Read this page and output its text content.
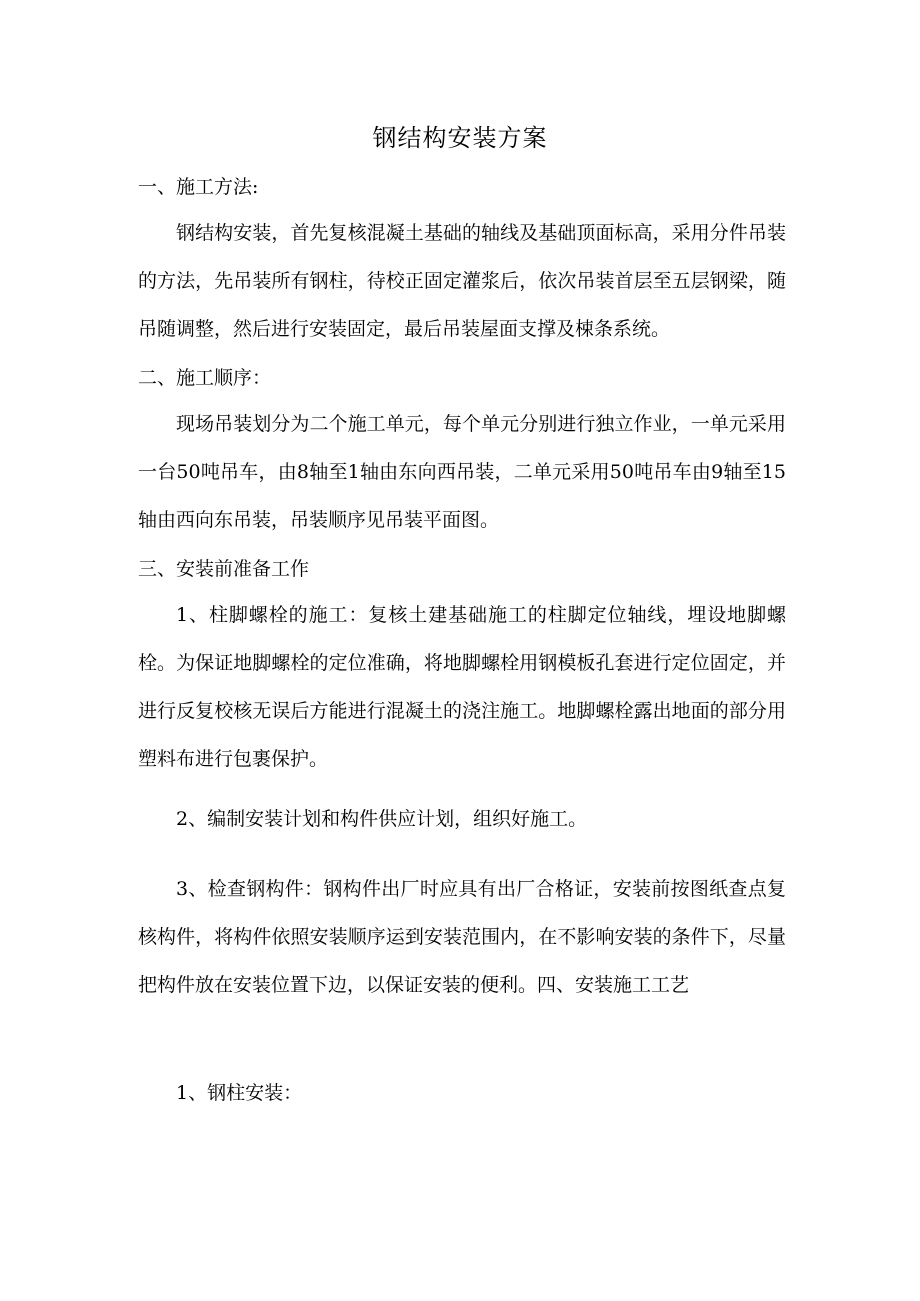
钢结构安装方案
一、施工方法:
钢结构安装，首先复核混凝土基础的轴线及基础顶面标高，采用分件吊装的方法，先吊装所有钢柱，待校正固定灌浆后，依次吊装首层至五层钢梁，随吊随调整，然后进行安装固定，最后吊装屋面支撑及梀条系统。
二、施工顺序：
现场吊装划分为二个施工单元，每个单元分别进行独立作业，一单元采用一台50吨吊车，由8轴至1轴由东向西吊装，二单元采用50吨吊车由9轴至15轴由西向东吊装，吊装顺序见吊装平面图。
三、安装前准备工作
1、柱脚螺栓的施工：复核土建基础施工的柱脚定位轴线，埋设地脚螺栓。为保证地脚螺栓的定位准确，将地脚螺栓用钢模板孔套进行定位固定，并进行反复校核无误后方能进行混凝土的浇注施工。地脚螺栓露出地面的部分用塑料布进行包裹保护。
2、编制安装计划和构件供应计划，组织好施工。
3、检查钢构件：钢构件出厂时应具有出厂合格证，安装前按图纸查点复核构件，将构件依照安装顺序运到安装范围内，在不影响安装的条件下，尽量把构件放在安装位置下边，以保证安装的便利。四、安装施工工艺
1、钢柱安装：
